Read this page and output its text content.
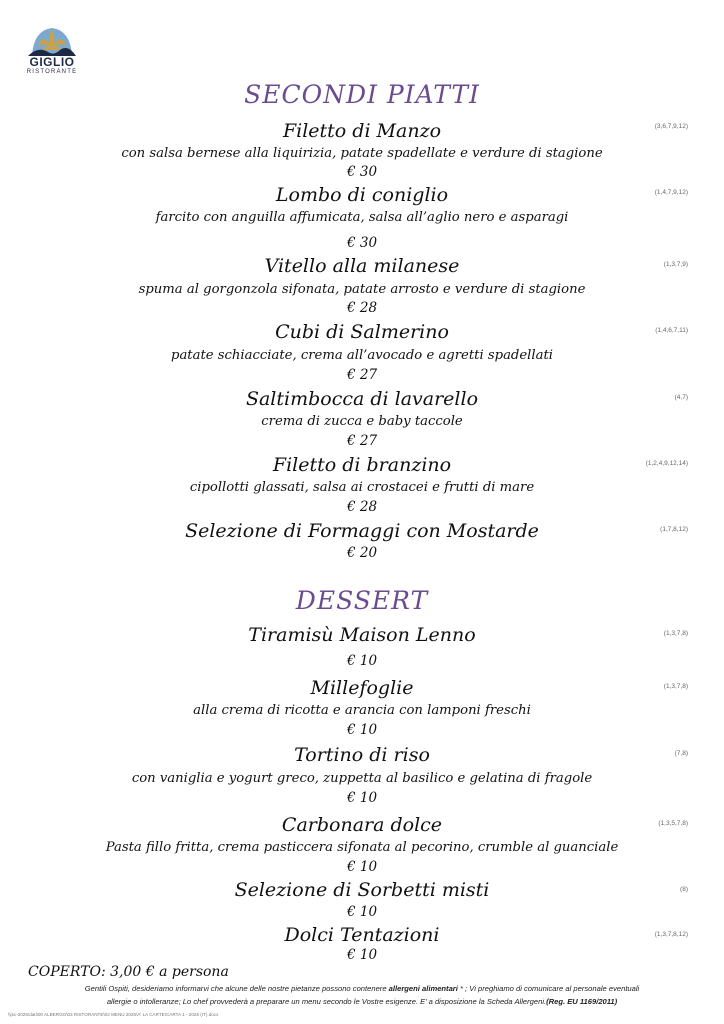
GIGLIO
RISTORANTE
SECONDI PIATTI
Filetto di Manzo	(3,6,7,9,12)
con salsa bernese alla liquirizia, patate spadellate e verdure di stagione
€ 30
Lombo di coniglio	(1,4,7,9,12)
farcito con anguilla affumicata, salsa all’aglio nero e asparagi
€ 30
Vitello alla milanese	(1,3,7,9)
spuma al gorgonzola sifonata, patate arrosto e verdure di stagione
€ 28
Cubi di Salmerino	(1,4,6,7,11)
patate schiacciate, crema all’avocado e agretti spadellati
€ 27
Saltimbocca di lavarello	(4,7)
crema di zucca e baby taccole
€ 27
Filetto di branzino	(1,2,4,9,12,14)
cipollotti glassati, salsa ai crostacei e frutti di mare
€ 28
Selezione di Formaggi con Mostarde	(1,7,8,12)
€ 20
DESSERT
Tiramisù Maison Lenno	(1,3,7,8)
€ 10
Millefoglie	(1,3,7,8)
alla crema di ricotta e arancia con lamponi freschi
€ 10
Tortino di riso	(7,8)
con vaniglia e yogurt greco, zuppetta al basilico e gelatina di fragole
€ 10
Carbonara dolce	(1,3,5,7,8)
Pasta fillo fritta, crema pasticcera sifonata al pecorino, crumble al guanciale
€ 10
Selezione di Sorbetti misti	(8)
€ 10
Dolci Tentazioni	(1,3,7,8,12)
€ 10
COPERTO: 3,00 € a persona
Gentili Ospiti, desideriamo informarvi che alcune delle nostre pietanze possono contenere allergeni alimentari * ; Vi preghiamo di comunicare al personale eventuali
allergie o intolleranze; Lo chef provvederà a preparare un menu secondo le Vostre esigenze. E’ a disposizione la Scheda Allergeni.(Reg. EU 1169/2011)
\\jsc-2025\dati\00 ALBERGO\03 RISTORANTE\02 MENU 2026\A' LA CARTE\CARTA 1 - 2026 (IT).docx
